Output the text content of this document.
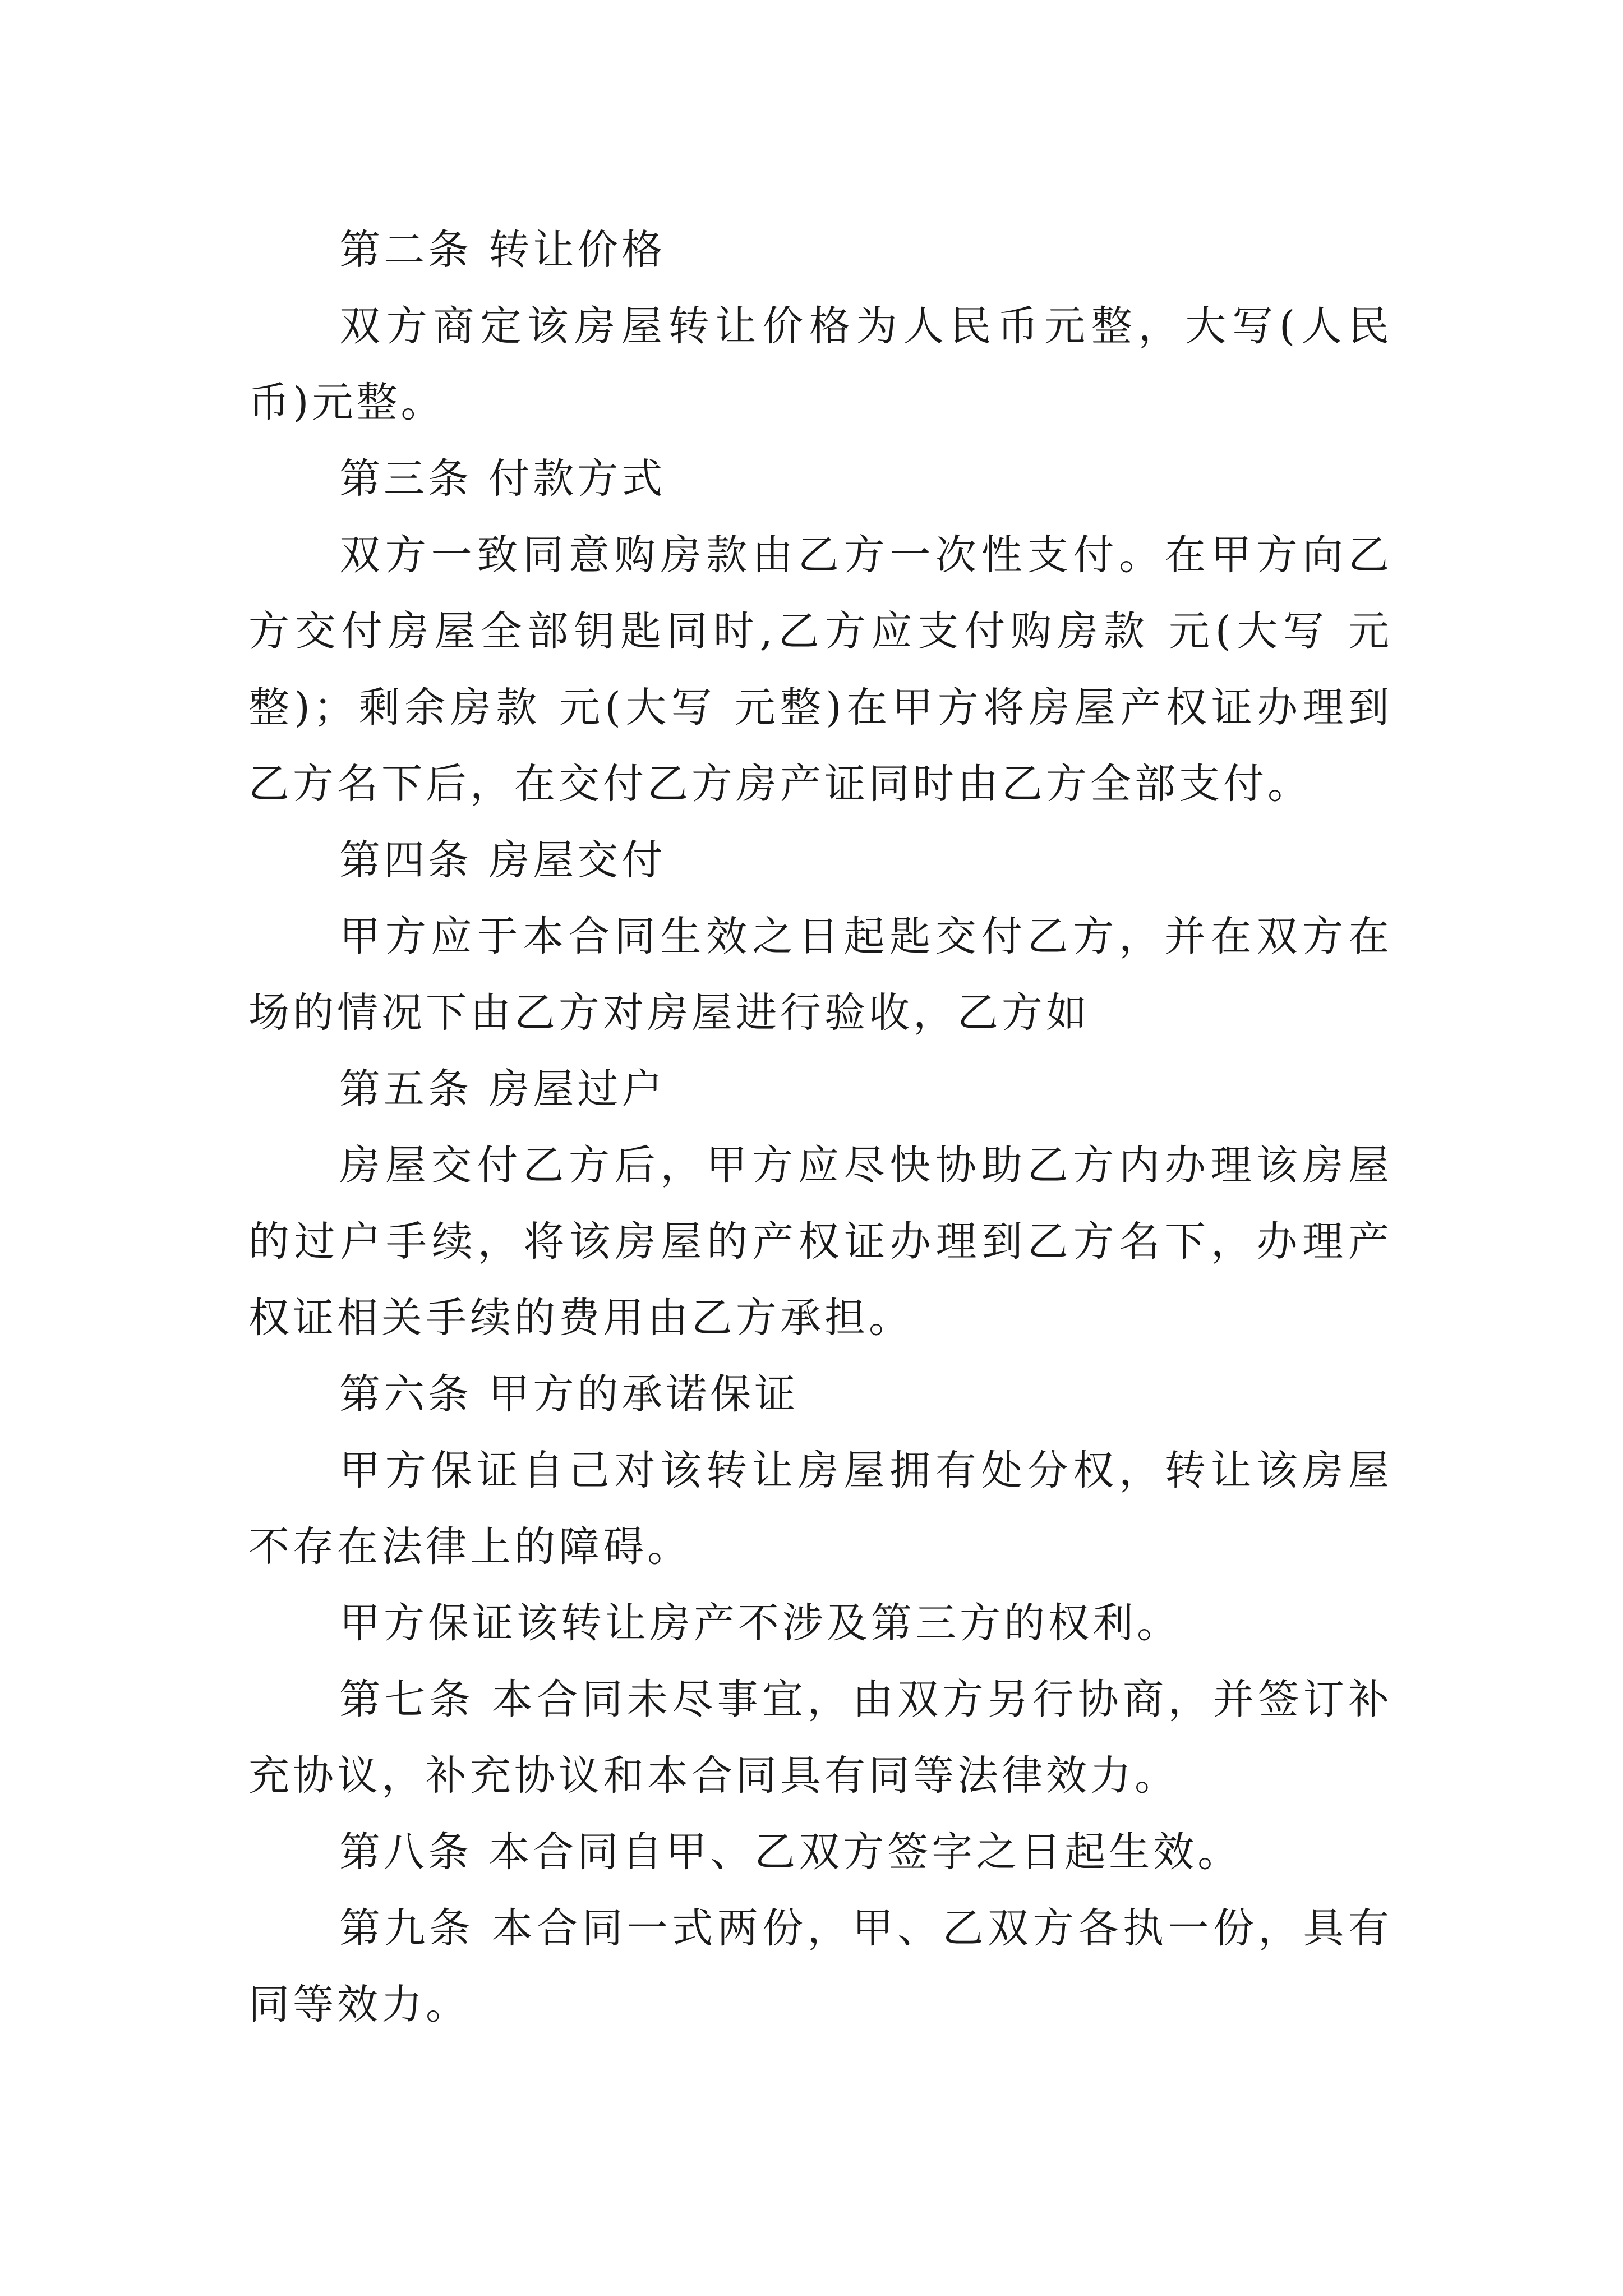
第二条 转让价格

双方商定该房屋转让价格为人民币元整，大写(人民币)元整。

第三条 付款方式

双方一致同意购房款由乙方一次性支付。在甲方向乙方交付房屋全部钥匙同时,乙方应支付购房款 元(大写 元整)；剩余房款 元(大写 元整)在甲方将房屋产权证办理到乙方名下后，在交付乙方房产证同时由乙方全部支付。

第四条 房屋交付

甲方应于本合同生效之日起匙交付乙方，并在双方在场的情况下由乙方对房屋进行验收，乙方如

第五条 房屋过户

房屋交付乙方后，甲方应尽快协助乙方内办理该房屋的过户手续，将该房屋的产权证办理到乙方名下，办理产权证相关手续的费用由乙方承担。

第六条 甲方的承诺保证

甲方保证自己对该转让房屋拥有处分权，转让该房屋不存在法律上的障碍。

甲方保证该转让房产不涉及第三方的权利。

第七条 本合同未尽事宜，由双方另行协商，并签订补充协议，补充协议和本合同具有同等法律效力。

第八条 本合同自甲、乙双方签字之日起生效。

第九条 本合同一式两份，甲、乙双方各执一份，具有同等效力。
